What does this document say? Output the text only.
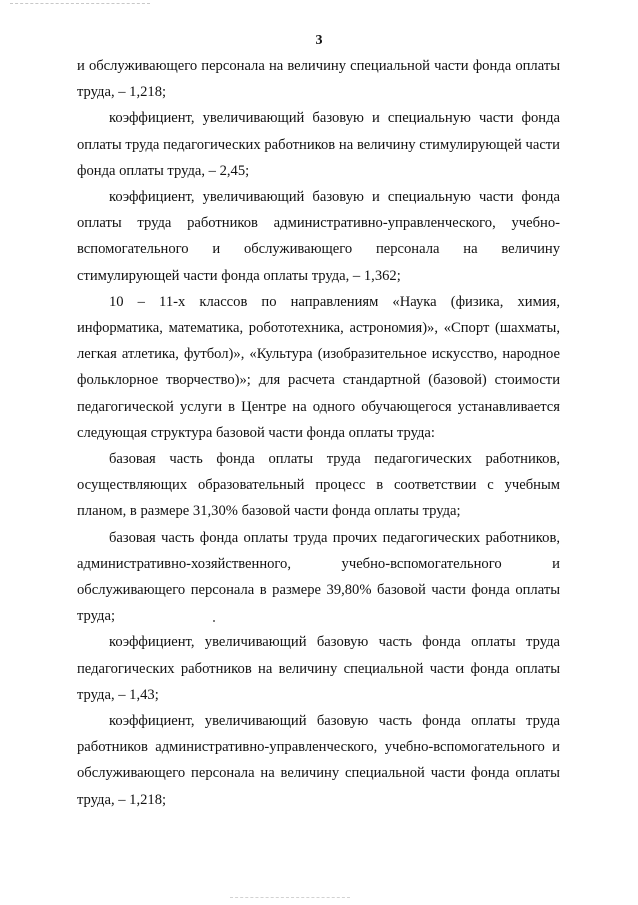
3

и обслуживающего персонала на величину специальной части фонда оплаты труда, – 1,218;

коэффициент, увеличивающий базовую и специальную части фонда оплаты труда педагогических работников на величину стимулирующей части фонда оплаты труда, – 2,45;

коэффициент, увеличивающий базовую и специальную части фонда оплаты труда работников административно-управленческого, учебно-вспомогательного и обслуживающего персонала на величину стимулирующей части фонда оплаты труда, – 1,362;

10 – 11-х классов по направлениям «Наука (физика, химия, информатика, математика, робототехника, астрономия)», «Спорт (шахматы, легкая атлетика, футбол)», «Культура (изобразительное искусство, народное фольклорное творчество)»; для расчета стандартной (базовой) стоимости педагогической услуги в Центре на одного обучающегося устанавливается следующая структура базовой части фонда оплаты труда:

базовая часть фонда оплаты труда педагогических работников, осуществляющих образовательный процесс в соответствии с учебным планом, в размере 31,30% базовой части фонда оплаты труда;

базовая часть фонда оплаты труда прочих педагогических работников, административно-хозяйственного, учебно-вспомогательного и обслуживающего персонала в размере 39,80% базовой части фонда оплаты труда;

коэффициент, увеличивающий базовую часть фонда оплаты труда педагогических работников на величину специальной части фонда оплаты труда, – 1,43;

коэффициент, увеличивающий базовую часть фонда оплаты труда работников административно-управленческого, учебно-вспомогательного и обслуживающего персонала на величину специальной части фонда оплаты труда, – 1,218;
